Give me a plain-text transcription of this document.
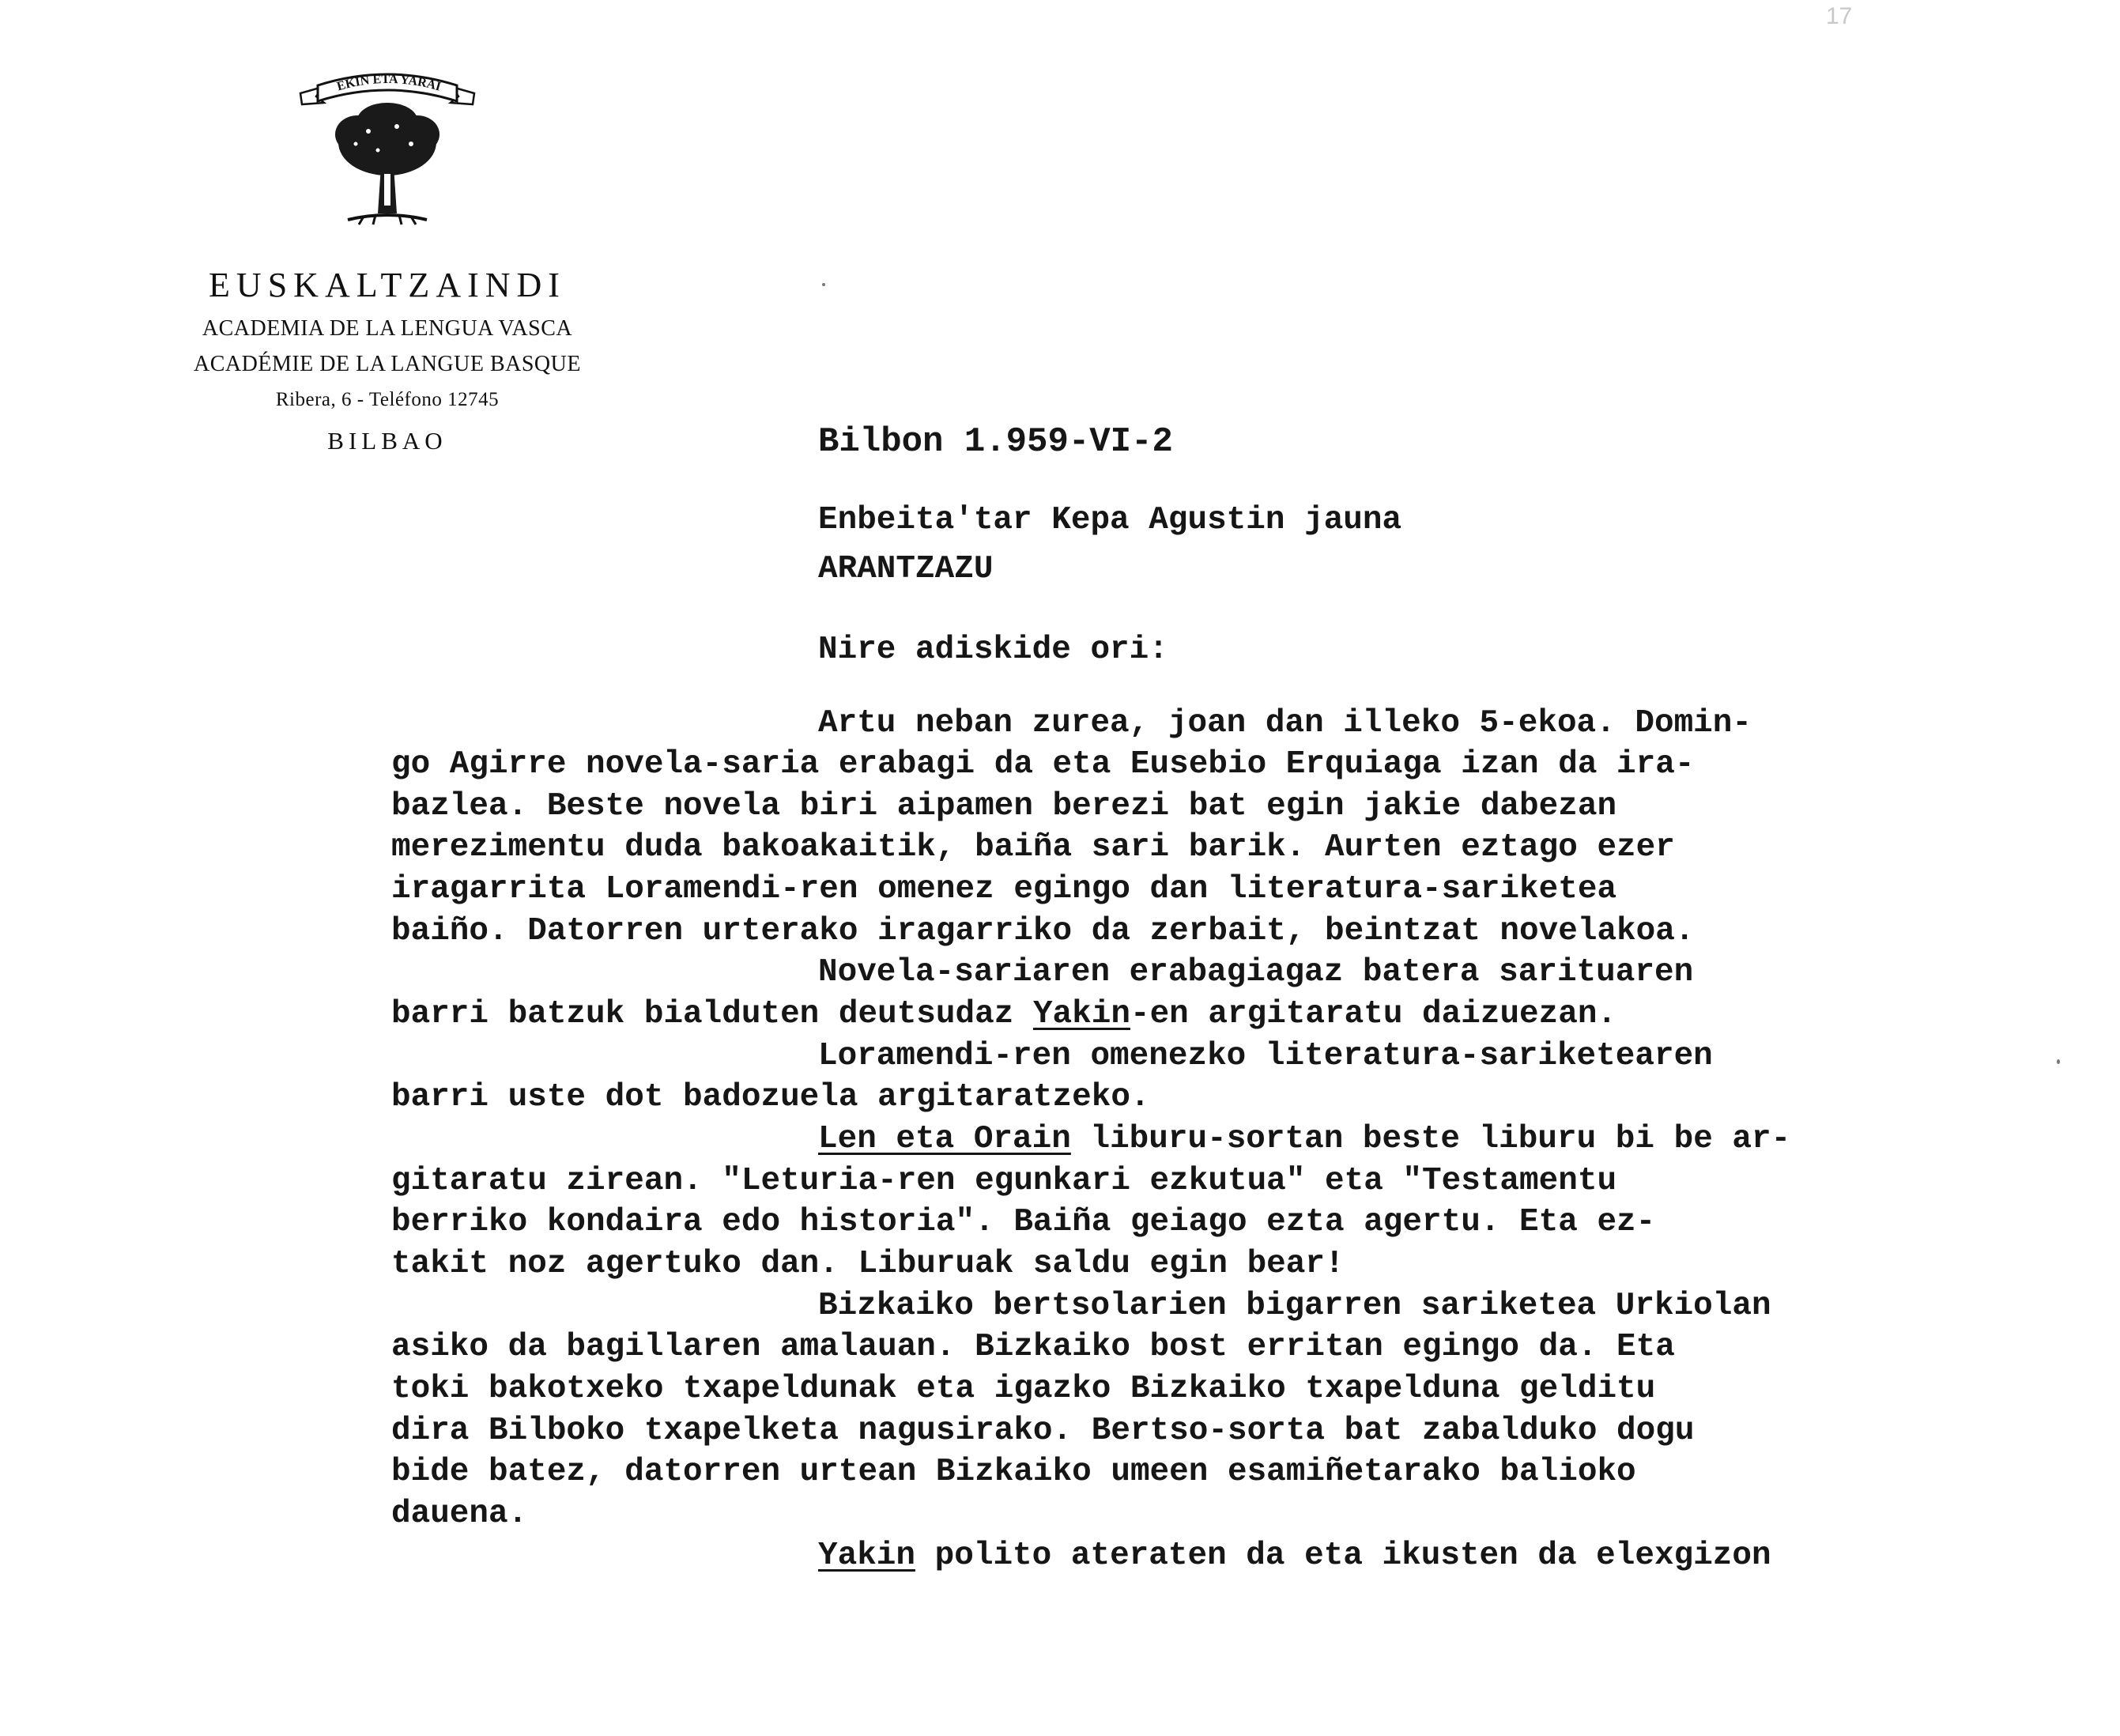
17
EKIN ETA YARAI
EUSKALTZAINDI
ACADEMIA DE LA LENGUA VASCA
ACADÉMIE DE LA LANGUE BASQUE
Ribera, 6 - Teléfono 12745
BILBAO	Bilbon 1.959-VI-2
Enbeita'tar Kepa Agustin jauna
ARANTZAZU
Nire adiskide ori:
Artu neban zurea, joan dan illeko 5-ekoa. Domin-
go Agirre novela-saria erabagi da eta Eusebio Erquiaga izan da ira-
bazlea. Beste novela biri aipamen berezi bat egin jakie dabezan
merezimentu duda bakoakaitik, baiña sari barik. Aurten eztago ezer
iragarrita Loramendi-ren omenez egingo dan literatura-sariketea
baiño. Datorren urterako iragarriko da zerbait, beintzat novelakoa.
Novela-sariaren erabagiagaz batera sarituaren
barri batzuk bialduten deutsudaz Yakin-en argitaratu daizuezan.
Loramendi-ren omenezko literatura-sariketearen
barri uste dot badozuela argitaratzeko.
Len eta Orain liburu-sortan beste liburu bi be ar-
gitaratu zirean. "Leturia-ren egunkari ezkutua" eta "Testamentu
berriko kondaira edo historia". Baiña geiago ezta agertu. Eta ez-
takit noz agertuko dan. Liburuak saldu egin bear!
Bizkaiko bertsolarien bigarren sariketea Urkiolan
asiko da bagillaren amalauan. Bizkaiko bost erritan egingo da. Eta
toki bakotxeko txapeldunak eta igazko Bizkaiko txapelduna gelditu
dira Bilboko txapelketa nagusirako. Bertso-sorta bat zabalduko dogu
bide batez, datorren urtean Bizkaiko umeen esamiñetarako balioko
dauena.
Yakin polito ateraten da eta ikusten da elexgizon
